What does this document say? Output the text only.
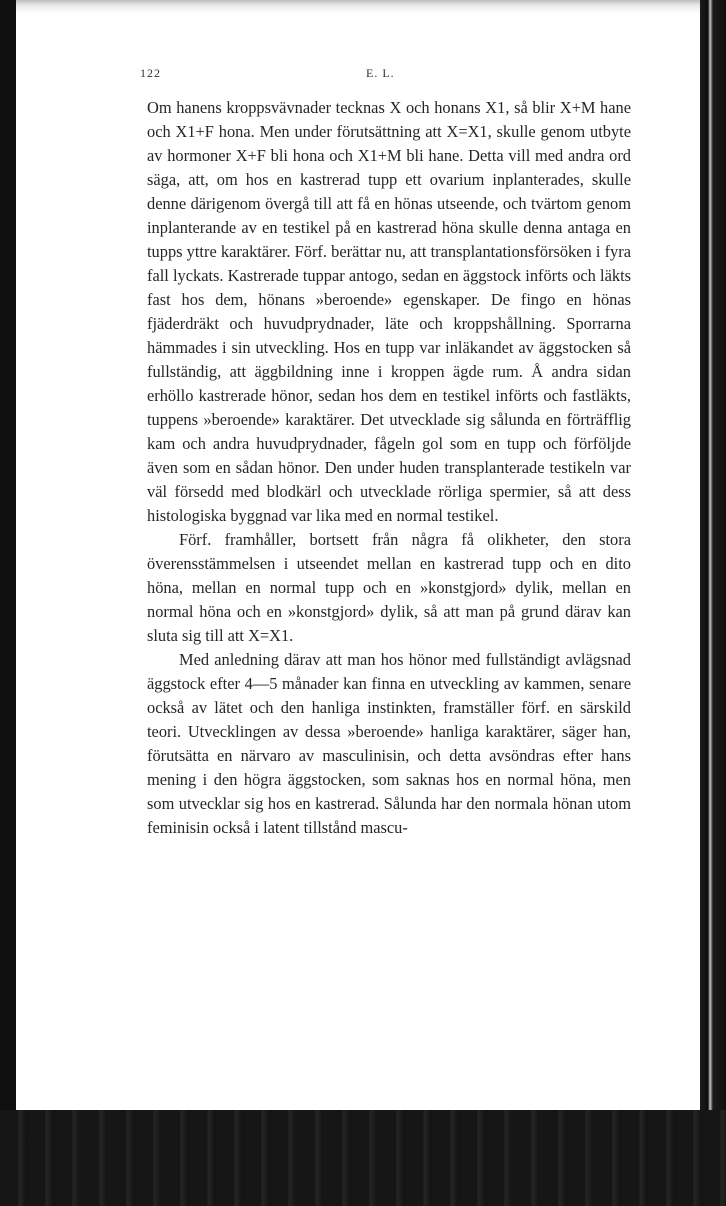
122	E. L.

Om hanens kroppsvävnader tecknas X och honans X1, så blir X+M hane och X1+F hona. Men under förutsättning att X=X1, skulle genom utbyte av hormoner X+F bli hona och X1+M bli hane. Detta vill med andra ord säga, att, om hos en kastrerad tupp ett ovarium inplanterades, skulle denne därigenom övergå till att få en hönas utseende, och tvärtom genom inplanterande av en testikel på en kastrerad höna skulle denna antaga en tupps yttre karaktärer. Förf. berättar nu, att transplantationsförsöken i fyra fall lyckats. Kastrerade tuppar antogo, sedan en äggstock införts och läkts fast hos dem, hönans »beroende» egenskaper. De fingo en hönas fjäderdräkt och huvudprydnader, läte och kroppshållning. Sporrarna hämmades i sin utveckling. Hos en tupp var inläkandet av äggstocken så fullständig, att äggbildning inne i kroppen ägde rum. Å andra sidan erhöllo kastrerade hönor, sedan hos dem en testikel införts och fastläkts, tuppens »beroende» karaktärer. Det utvecklade sig sålunda en förträfflig kam och andra huvudprydnader, fågeln gol som en tupp och förföljde även som en sådan hönor. Den under huden transplanterade testikeln var väl försedd med blodkärl och utvecklade rörliga spermier, så att dess histologiska byggnad var lika med en normal testikel.

Förf. framhåller, bortsett från några få olikheter, den stora överensstämmelsen i utseendet mellan en kastrerad tupp och en dito höna, mellan en normal tupp och en »konstgjord» dylik, mellan en normal höna och en »konstgjord» dylik, så att man på grund därav kan sluta sig till att X=X1.

Med anledning därav att man hos hönor med fullständigt avlägsnad äggstock efter 4—5 månader kan finna en utveckling av kammen, senare också av lätet och den hanliga instinkten, framställer förf. en särskild teori. Utvecklingen av dessa »beroende» hanliga karaktärer, säger han, förutsätta en närvaro av masculinisin, och detta avsöndras efter hans mening i den högra äggstocken, som saknas hos en normal höna, men som utvecklar sig hos en kastrerad. Sålunda har den normala hönan utom feminisin också i latent tillstånd mascu-
